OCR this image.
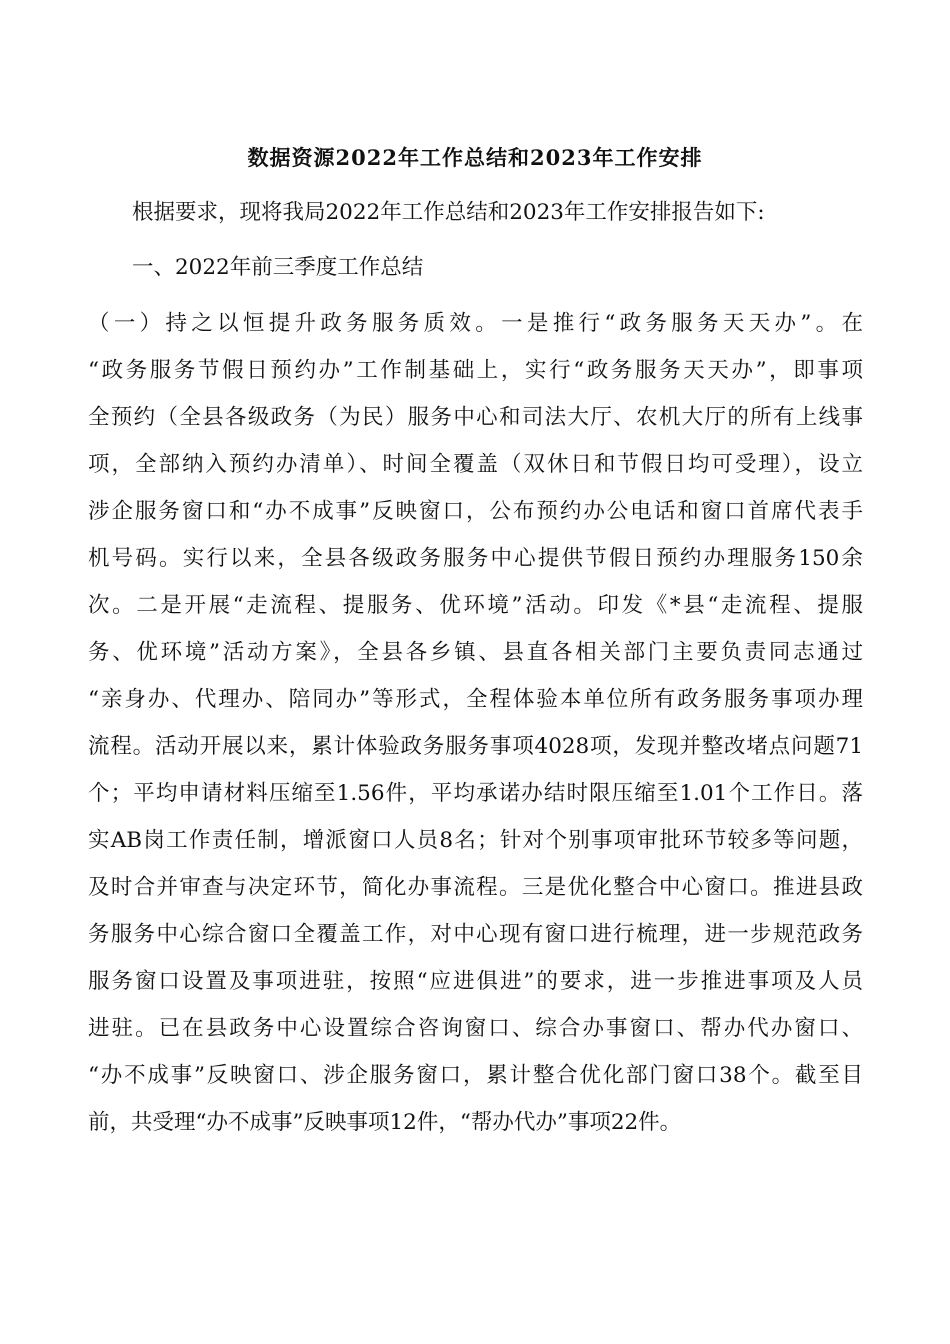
数据资源2022年工作总结和2023年工作安排
根据要求，现将我局2022年工作总结和2023年工作安排报告如下:
一、2022年前三季度工作总结
（一）持之以恒提升政务服务质效。一是推行“政务服务天天办”。在
“政务服务节假日预约办”工作制基础上，实行“政务服务天天办”，即事项
全预约（全县各级政务（为民）服务中心和司法大厅、农机大厅的所有上线事
项，全部纳入预约办清单）、时间全覆盖（双休日和节假日均可受理），设立
涉企服务窗口和“办不成事”反映窗口，公布预约办公电话和窗口首席代表手
机号码。实行以来，全县各级政务服务中心提供节假日预约办理服务150余
次。二是开展“走流程、提服务、优环境”活动。印发《*县“走流程、提服
务、优环境”活动方案》，全县各乡镇、县直各相关部门主要负责同志通过
“亲身办、代理办、陪同办”等形式，全程体验本单位所有政务服务事项办理
流程。活动开展以来，累计体验政务服务事项4028项，发现并整改堵点问题71
个；平均申请材料压缩至1.56件，平均承诺办结时限压缩至1.01个工作日。落
实AB岗工作责任制，增派窗口人员8名；针对个别事项审批环节较多等问题，
及时合并审查与决定环节，简化办事流程。三是优化整合中心窗口。推进县政
务服务中心综合窗口全覆盖工作，对中心现有窗口进行梳理，进一步规范政务
服务窗口设置及事项进驻，按照“应进俱进”的要求，进一步推进事项及人员
进驻。已在县政务中心设置综合咨询窗口、综合办事窗口、帮办代办窗口、
“办不成事”反映窗口、涉企服务窗口，累计整合优化部门窗口38个。截至目
前，共受理“办不成事”反映事项12件，“帮办代办”事项22件。
